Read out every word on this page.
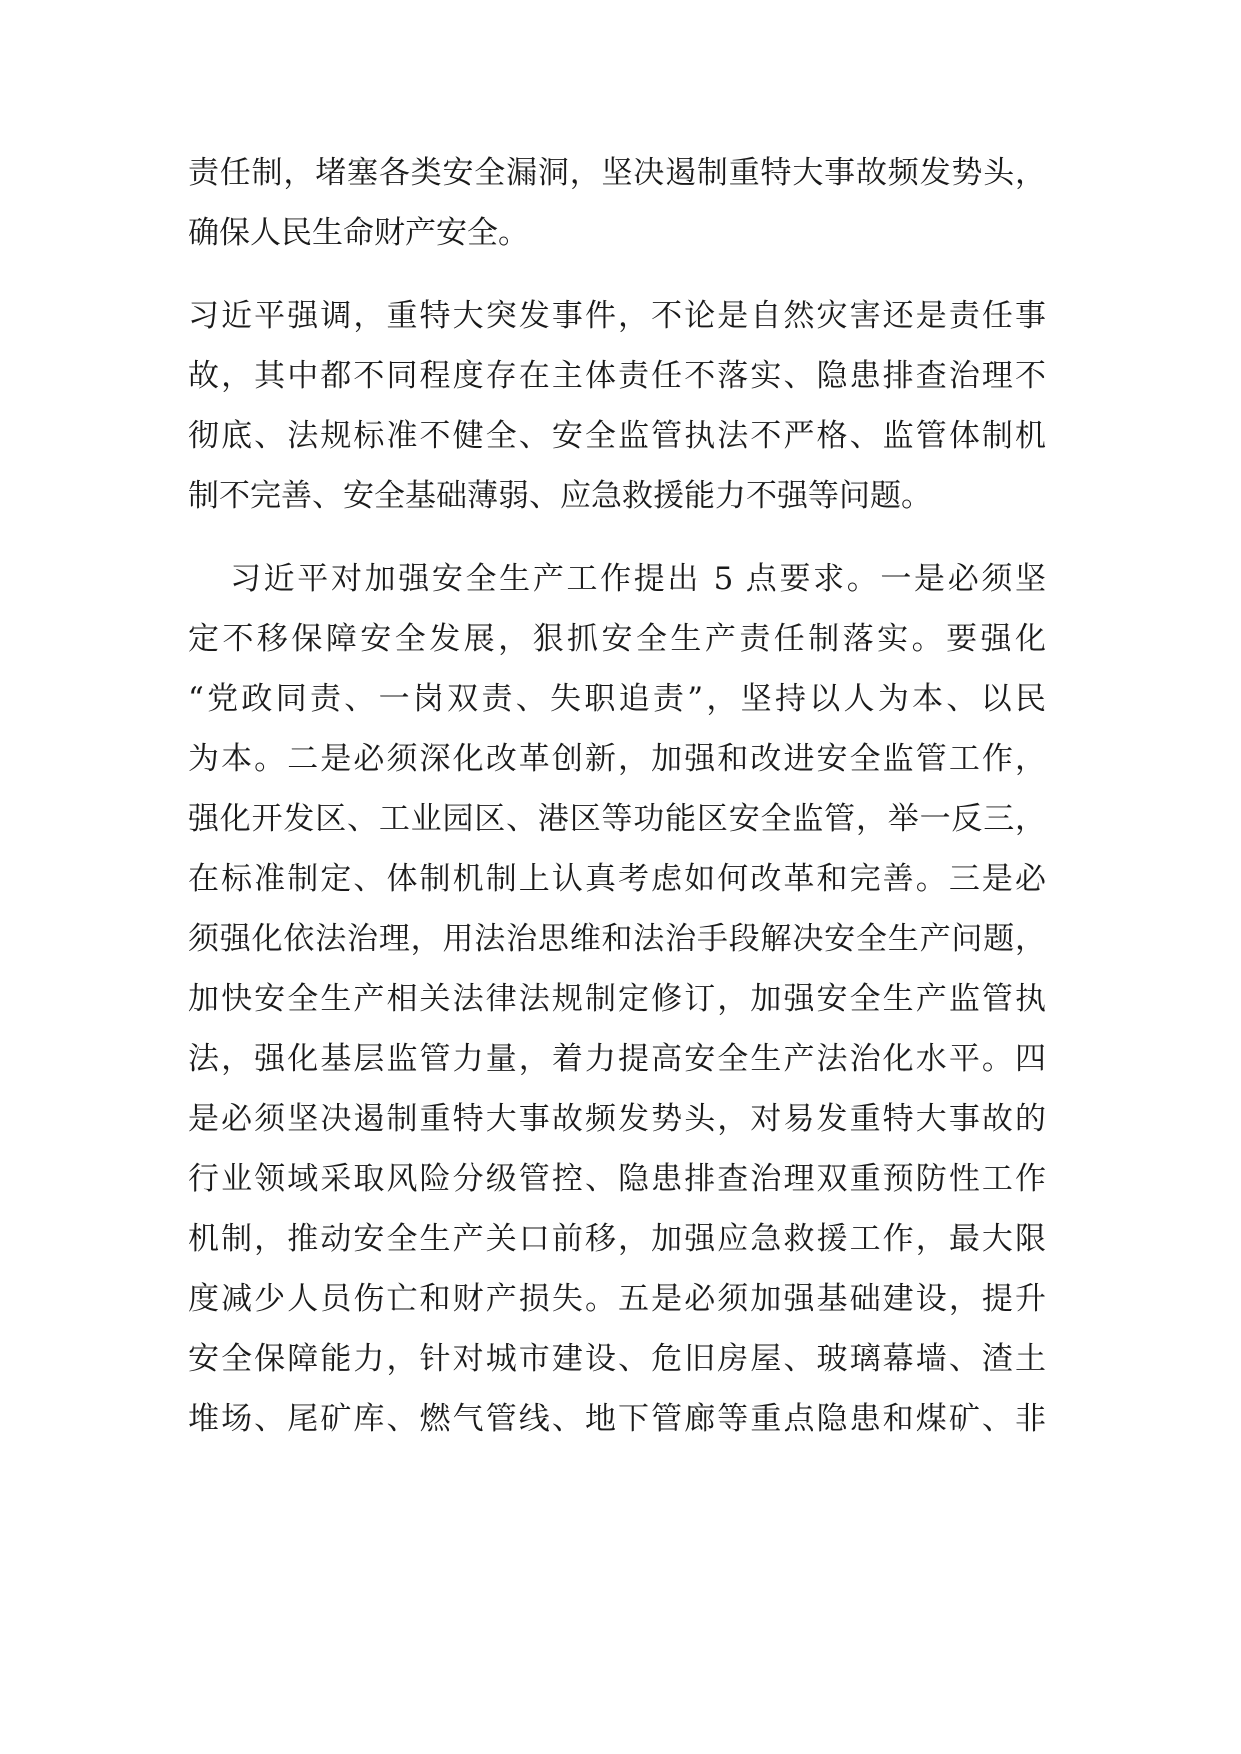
责任制，堵塞各类安全漏洞，坚决遏制重特大事故频发势头，
确保人民生命财产安全。
习近平强调，重特大突发事件，不论是自然灾害还是责任事
故，其中都不同程度存在主体责任不落实、隐患排查治理不
彻底、法规标准不健全、安全监管执法不严格、监管体制机
制不完善、安全基础薄弱、应急救援能力不强等问题。
习近平对加强安全生产工作提出 5 点要求。一是必须坚
定不移保障安全发展，狠抓安全生产责任制落实。要强化
“党政同责、一岗双责、失职追责”，坚持以人为本、以民
为本。二是必须深化改革创新，加强和改进安全监管工作，
强化开发区、工业园区、港区等功能区安全监管，举一反三，
在标准制定、体制机制上认真考虑如何改革和完善。三是必
须强化依法治理，用法治思维和法治手段解决安全生产问题，
加快安全生产相关法律法规制定修订，加强安全生产监管执
法，强化基层监管力量，着力提高安全生产法治化水平。四
是必须坚决遏制重特大事故频发势头，对易发重特大事故的
行业领域采取风险分级管控、隐患排查治理双重预防性工作
机制，推动安全生产关口前移，加强应急救援工作，最大限
度减少人员伤亡和财产损失。五是必须加强基础建设，提升
安全保障能力，针对城市建设、危旧房屋、玻璃幕墙、渣土
堆场、尾矿库、燃气管线、地下管廊等重点隐患和煤矿、非
